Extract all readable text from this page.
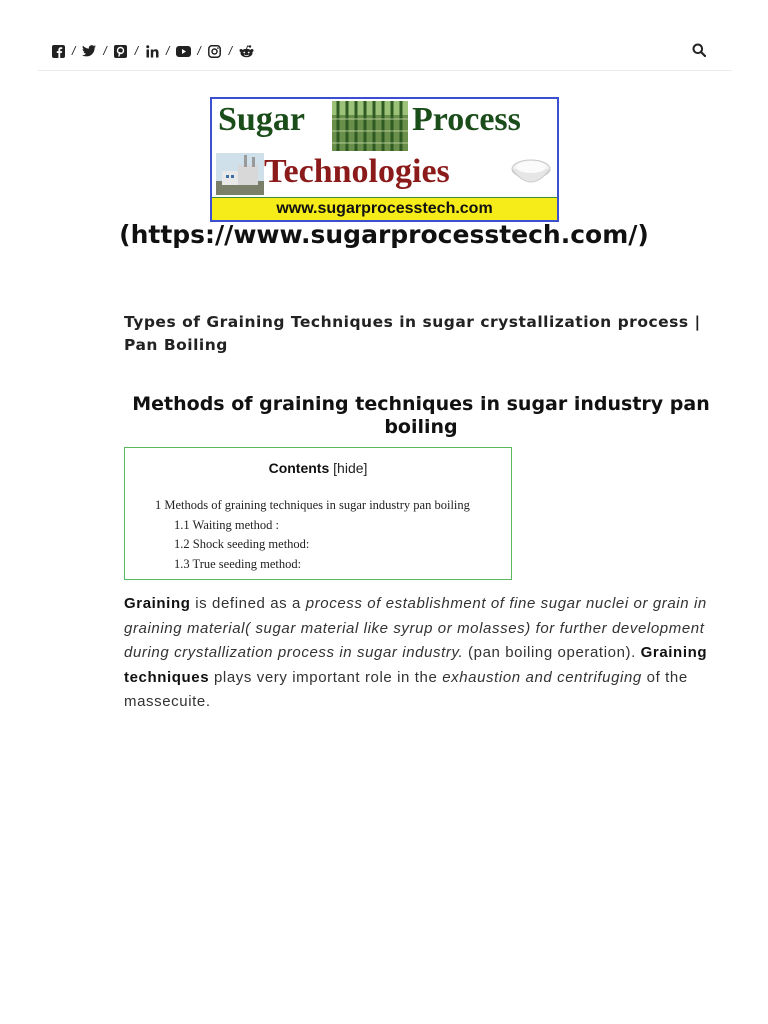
/ / / / / /
Sugar	Process
Technologies
www.sugarprocesstech.com
(https://www.sugarprocesstech.com/)
Types of Graining Techniques in sugar crystallization process | Pan Boiling
Methods of graining techniques in sugar industry pan boiling
Contents [hide]
1 Methods of graining techniques in sugar industry pan boiling
1.1 Waiting method :
1.2 Shock seeding method:
1.3 True seeding method:

Graining is defined as a process of establishment of fine sugar nuclei or grain in graining material( sugar material like syrup or molasses) for further development during crystallization process in sugar industry. (pan boiling operation). Graining techniques plays very important role in the exhaustion and centrifuging of the massecuite.
